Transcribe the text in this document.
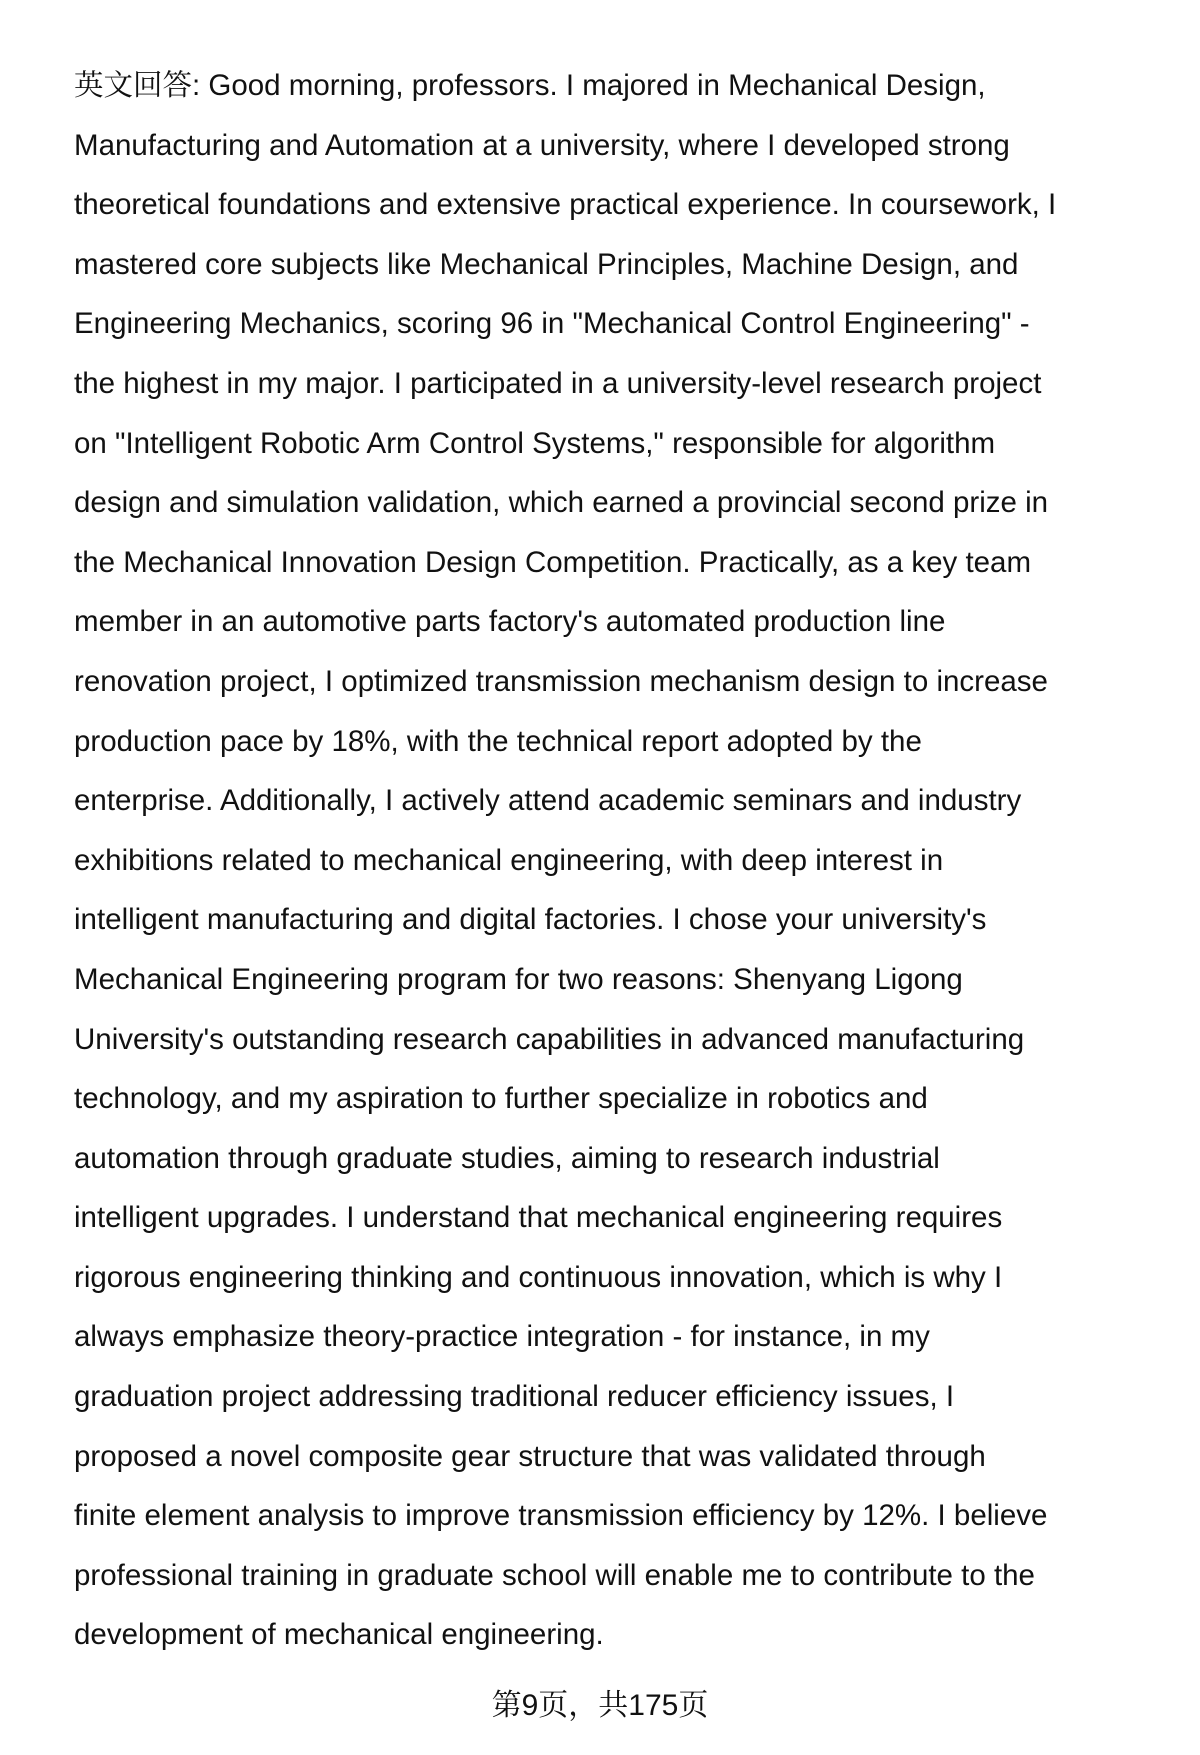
英文回答: Good morning, professors. I majored in Mechanical Design,
Manufacturing and Automation at a university, where I developed strong
theoretical foundations and extensive practical experience. In coursework, I
mastered core subjects like Mechanical Principles, Machine Design, and
Engineering Mechanics, scoring 96 in "Mechanical Control Engineering" -
the highest in my major. I participated in a university-level research project
on "Intelligent Robotic Arm Control Systems," responsible for algorithm
design and simulation validation, which earned a provincial second prize in
the Mechanical Innovation Design Competition. Practically, as a key team
member in an automotive parts factory's automated production line
renovation project, I optimized transmission mechanism design to increase
production pace by 18%, with the technical report adopted by the
enterprise. Additionally, I actively attend academic seminars and industry
exhibitions related to mechanical engineering, with deep interest in
intelligent manufacturing and digital factories. I chose your university's
Mechanical Engineering program for two reasons: Shenyang Ligong
University's outstanding research capabilities in advanced manufacturing
technology, and my aspiration to further specialize in robotics and
automation through graduate studies, aiming to research industrial
intelligent upgrades. I understand that mechanical engineering requires
rigorous engineering thinking and continuous innovation, which is why I
always emphasize theory-practice integration - for instance, in my
graduation project addressing traditional reducer efficiency issues, I
proposed a novel composite gear structure that was validated through
finite element analysis to improve transmission efficiency by 12%. I believe
professional training in graduate school will enable me to contribute to the
development of mechanical engineering.
第9页，共175页
